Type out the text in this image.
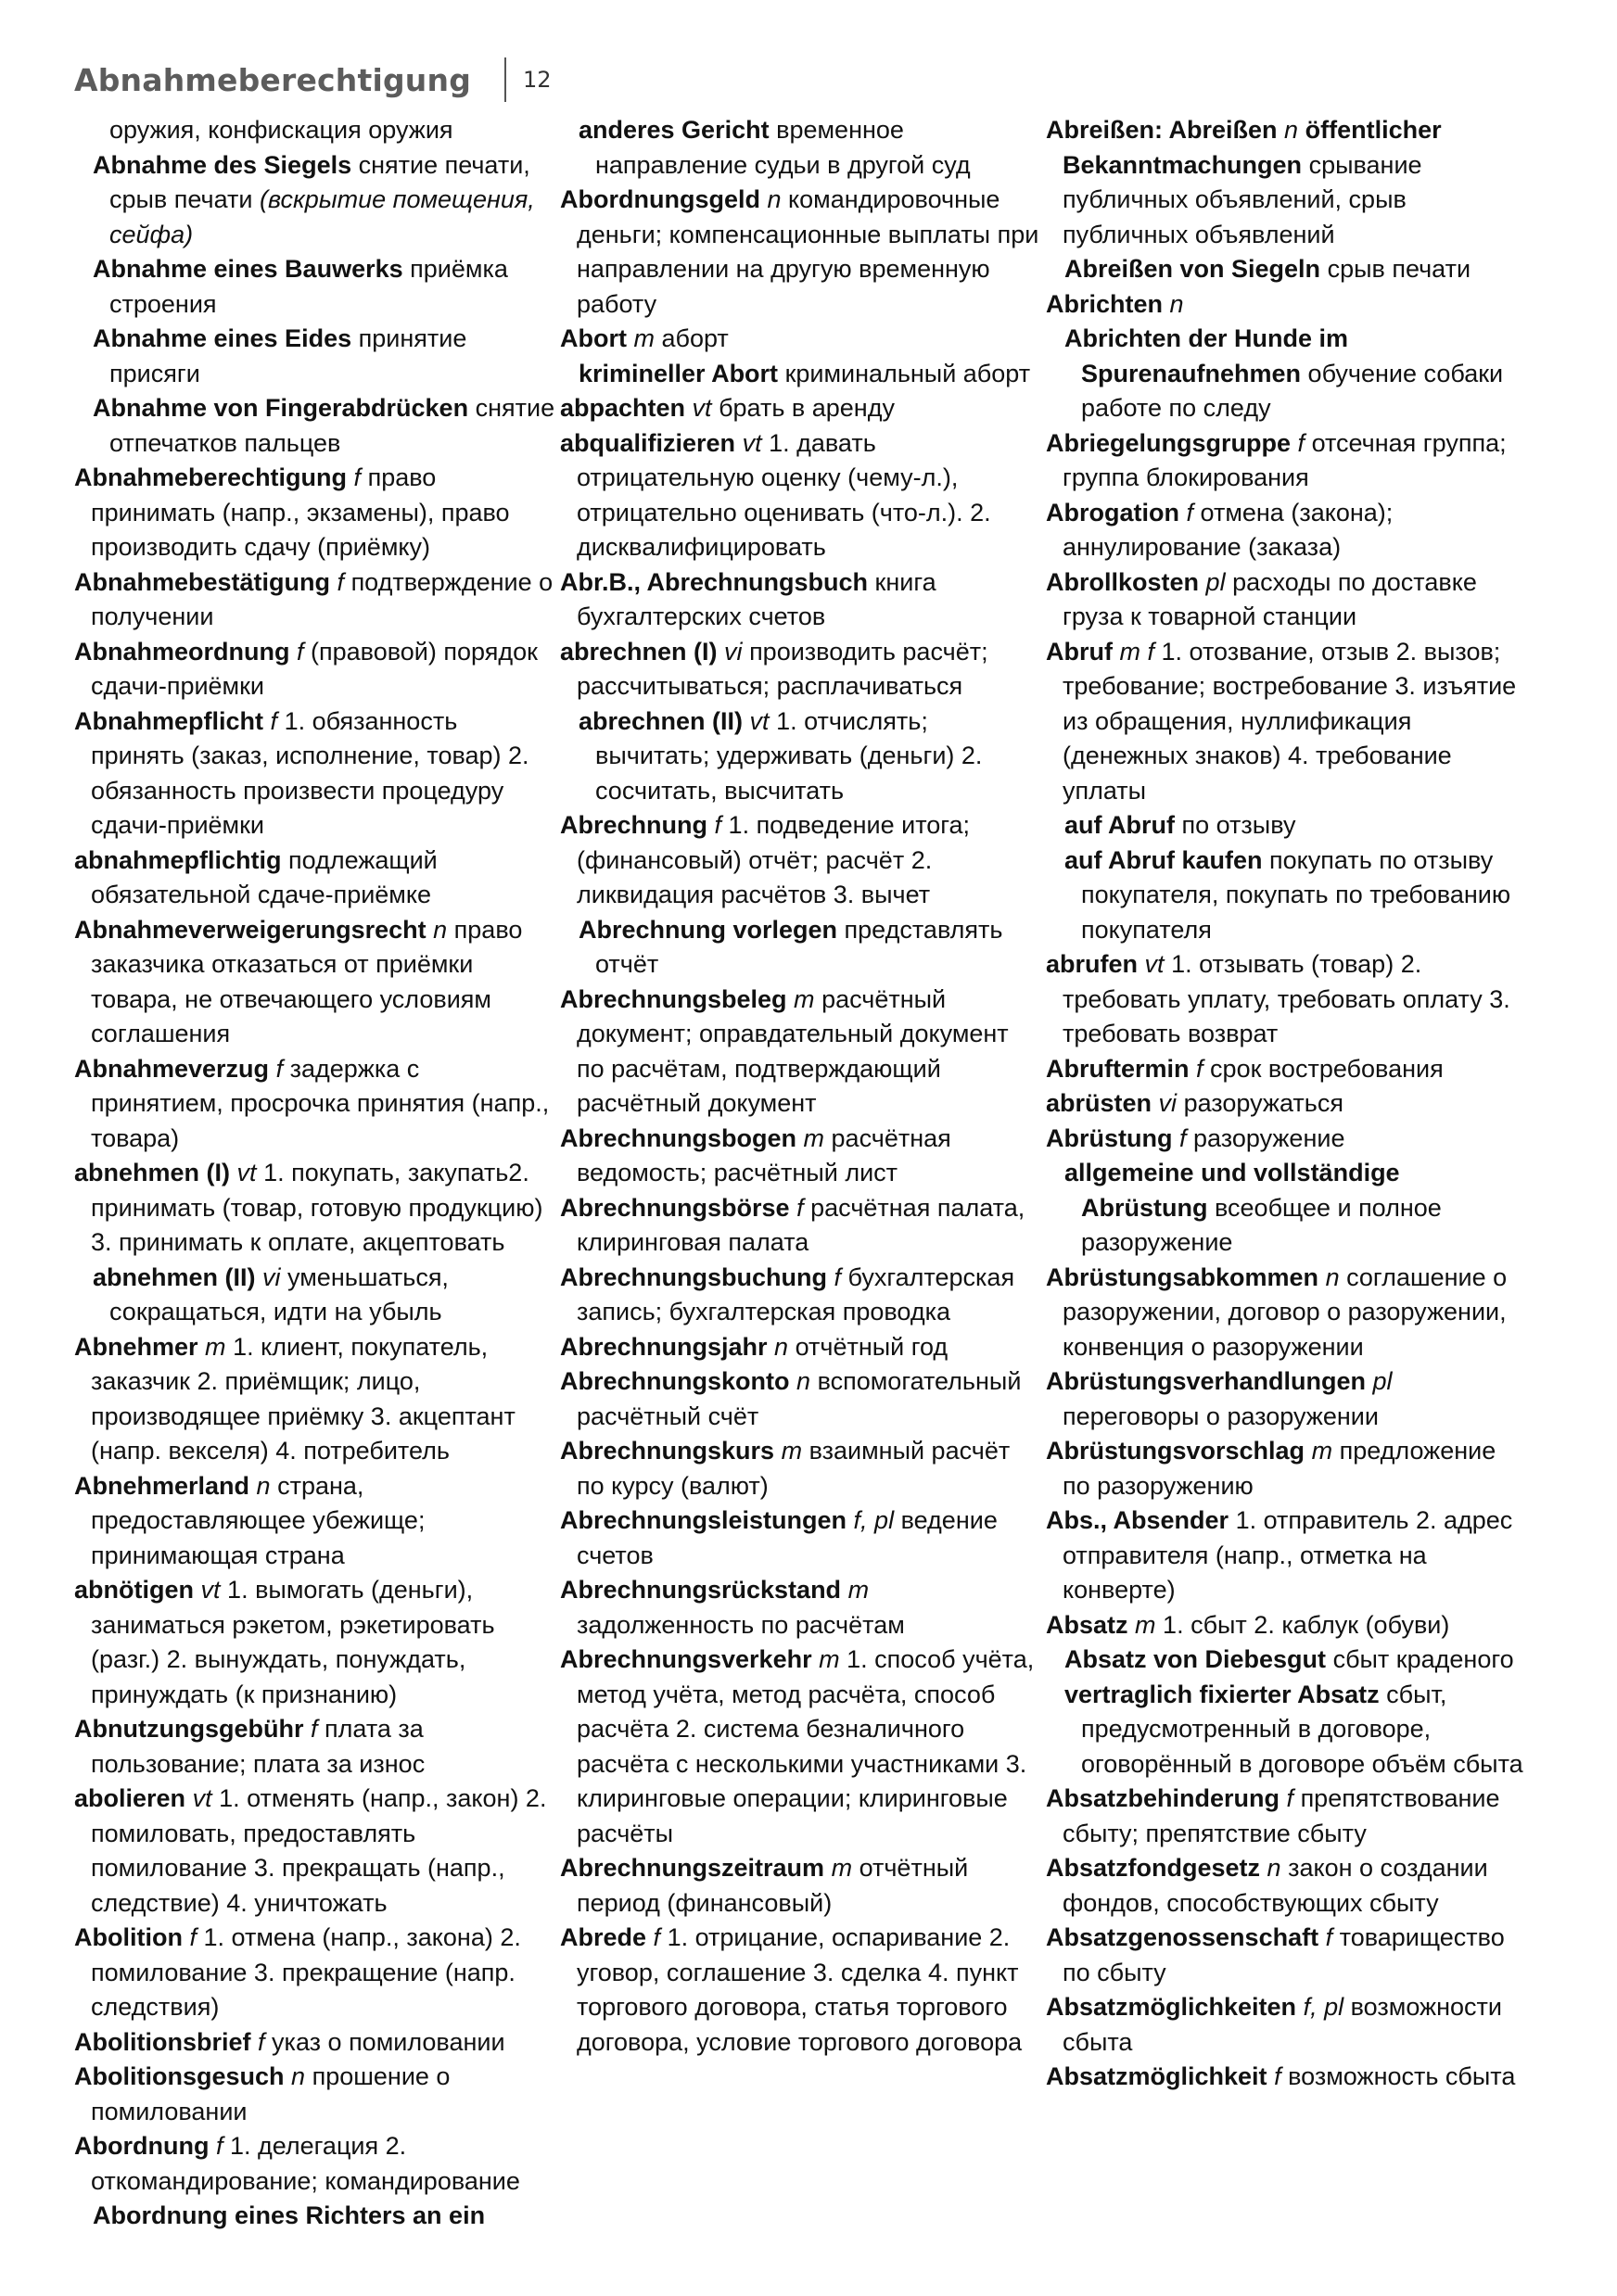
Abnahmeberechtigung 12

оружия, конфискация оружия

Abnahme des Siegels снятие печати, срыв печати (вскрытие помещения, сейфа)

Abnahme eines Bauwerks приёмка строения

Abnahme eines Eides принятие присяги

Abnahme von Fingerabdrücken снятие отпечатков пальцев

Abnahmeberechtigung f право принимать (напр., экзамены), право производить сдачу (приёмку)

Abnahmebestätigung f подтверждение о получении

Abnahmeordnung f (правовой) порядок сдачи-приёмки

Abnahmepflicht f 1. обязанность принять (заказ, исполнение, товар) 2. обязанность произвести процедуру сдачи-приёмки

abnahmepflichtig подлежащий обязательной сдаче-приёмке

Abnahmeverweigerungsrecht n право заказчика отказаться от приёмки товара, не отвечающего условиям соглашения

Abnahmeverzug f задержка с принятием, просрочка принятия (напр., товара)

abnehmen (I) vt 1. покупать, закупать2. принимать (товар, готовую продукцию) 3. принимать к оплате, акцептовать

abnehmen (II) vi уменьшаться, сокращаться, идти на убыль

Abnehmer m 1. клиент, покупатель, заказчик 2. приёмщик; лицо, производящее приёмку 3. акцептант (напр. векселя) 4. потребитель

Abnehmerland n страна, предоставляющее убежище; принимающая страна

abnötigen vt 1. вымогать (деньги), заниматься рэкетом, рэкетировать (разг.) 2. вынуждать, понуждать, принуждать (к признанию)

Abnutzungsgebühr f плата за пользование; плата за износ

abolieren vt 1. отменять (напр., закон) 2. помиловать, предоставлять помилование 3. прекращать (напр., следствие) 4. уничтожать

Abolition f 1. отмена (напр., закона) 2. помилование 3. прекращение (напр. следствия)

Abolitionsbrief f указ о помиловании

Abolitionsgesuch n прошение о помиловании

Abordnung f 1. делегация 2. откомандирование; командирование

Abordnung eines Richters an ein

anderes Gericht временное направление судьи в другой суд

Abordnungsgeld n командировочные деньги; компенсационные выплаты при направлении на другую временную работу

Abort m аборт

krimineller Abort криминальный аборт

abpachten vt брать в аренду

abqualifizieren vt 1. давать отрицательную оценку (чему-л.), отрицательно оценивать (что-л.). 2. дисквалифицировать

Abr.B., Abrechnungsbuch книга бухгалтерских счетов

abrechnen (I) vi производить расчёт; рассчитываться; расплачиваться

abrechnen (II) vt 1. отчислять; вычитать; удерживать (деньги) 2. сосчитать, высчитать

Abrechnung f 1. подведение итога; (финансовый) отчёт; расчёт 2. ликвидация расчётов 3. вычет

Abrechnung vorlegen представлять отчёт

Abrechnungsbeleg m расчётный документ; оправдательный документ по расчётам, подтверждающий расчётный документ

Abrechnungsbogen m расчётная ведомость; расчётный лист

Abrechnungsbörse f расчётная палата, клиринговая палата

Abrechnungsbuchung f бухгалтерская запись; бухгалтерская проводка

Abrechnungsjahr n отчётный год

Abrechnungskonto n вспомогательный расчётный счёт

Abrechnungskurs m взаимный расчёт по курсу (валют)

Abrechnungsleistungen f, pl ведение счетов

Abrechnungsrückstand m задолженность по расчётам

Abrechnungsverkehr m 1. способ учёта, метод учёта, метод расчёта, способ расчёта 2. система безналичного расчёта с несколькими участниками 3. клиринговые операции; клиринговые расчёты

Abrechnungszeitraum m отчётный период (финансовый)

Abrede f 1. отрицание, оспаривание 2. уговор, соглашение 3. сделка 4. пункт торгового договора, статья торгового договора, условие торгового договора

Abreißen: Abreißen n öffentlicher Bekanntmachungen срывание публичных объявлений, срыв публичных объявлений

Abreißen von Siegeln срыв печати

Abrichten n

Abrichten der Hunde im Spurenaufnehmen обучение собаки работе по следу

Abriegelungsgruppe f отсечная группа; группа блокирования

Abrogation f отмена (закона); аннулирование (заказа)

Abrollkosten pl расходы по доставке груза к товарной станции

Abruf m f 1. отозвание, отзыв 2. вызов; требование; востребование 3. изъятие из обращения, нуллификация (денежных знаков) 4. требование уплаты

auf Abruf по отзыву

auf Abruf kaufen покупать по отзыву покупателя, покупать по требованию покупателя

abrufen vt 1. отзывать (товар) 2. требовать уплату, требовать оплату 3. требовать возврат

Abruftermin f срок востребования

abrüsten vi разоружаться

Abrüstung f разоружение

allgemeine und vollständige Abrüstung всеобщее и полное разоружение

Abrüstungsabkommen n соглашение о разоружении, договор о разоружении, конвенция о разоружении

Abrüstungsverhandlungen pl переговоры о разоружении

Abrüstungsvorschlag m предложение по разоружению

Abs., Absender 1. отправитель 2. адрес отправителя (напр., отметка на конверте)

Absatz m 1. сбыт 2. каблук (обуви)

Absatz von Diebesgut сбыт краденого

vertraglich fixierter Absatz сбыт, предусмотренный в договоре, оговорённый в договоре объём сбыта

Absatzbehinderung f препятствование сбыту; препятствие сбыту

Absatzfondgesetz n закон о создании фондов, способствующих сбыту

Absatzgenossenschaft f товарищество по сбыту

Absatzmöglichkeiten f, pl возможности сбыта

Absatzmöglichkeit f возможность сбыта
